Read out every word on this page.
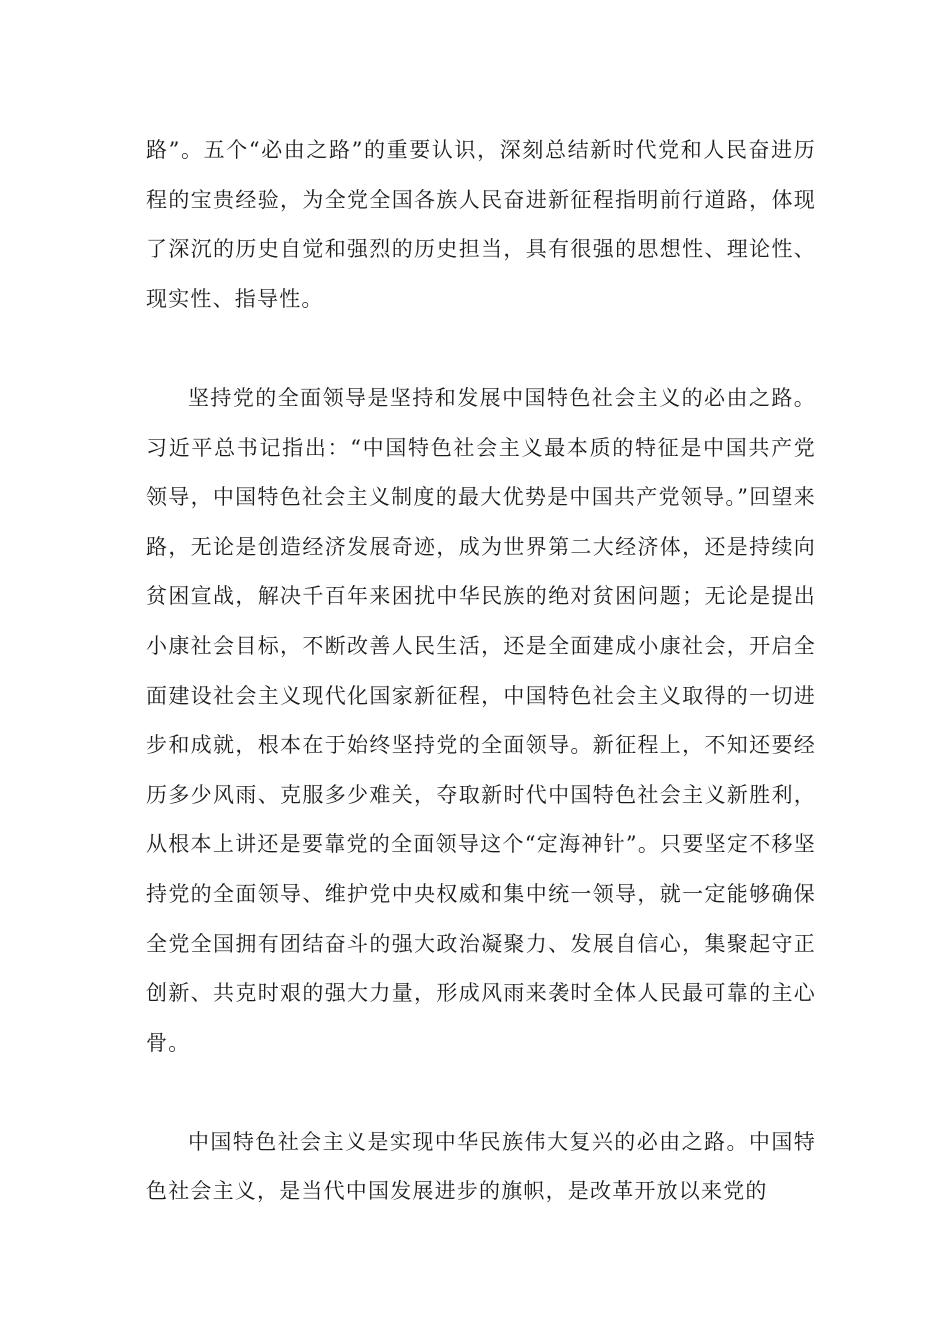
路”。五个“必由之路”的重要认识，深刻总结新时代党和人民奋进历程的宝贵经验，为全党全国各族人民奋进新征程指明前行道路，体现了深沉的历史自觉和强烈的历史担当，具有很强的思想性、理论性、现实性、指导性。

坚持党的全面领导是坚持和发展中国特色社会主义的必由之路。习近平总书记指出：“中国特色社会主义最本质的特征是中国共产党领导，中国特色社会主义制度的最大优势是中国共产党领导。”回望来路，无论是创造经济发展奇迹，成为世界第二大经济体，还是持续向贫困宣战，解决千百年来困扰中华民族的绝对贫困问题；无论是提出小康社会目标，不断改善人民生活，还是全面建成小康社会，开启全面建设社会主义现代化国家新征程，中国特色社会主义取得的一切进步和成就，根本在于始终坚持党的全面领导。新征程上，不知还要经历多少风雨、克服多少难关，夺取新时代中国特色社会主义新胜利，从根本上讲还是要靠党的全面领导这个“定海神针”。只要坚定不移坚持党的全面领导、维护党中央权威和集中统一领导，就一定能够确保全党全国拥有团结奋斗的强大政治凝聚力、发展自信心，集聚起守正创新、共克时艰的强大力量，形成风雨来袭时全体人民最可靠的主心骨。

中国特色社会主义是实现中华民族伟大复兴的必由之路。中国特色社会主义，是当代中国发展进步的旗帜，是改革开放以来党的
